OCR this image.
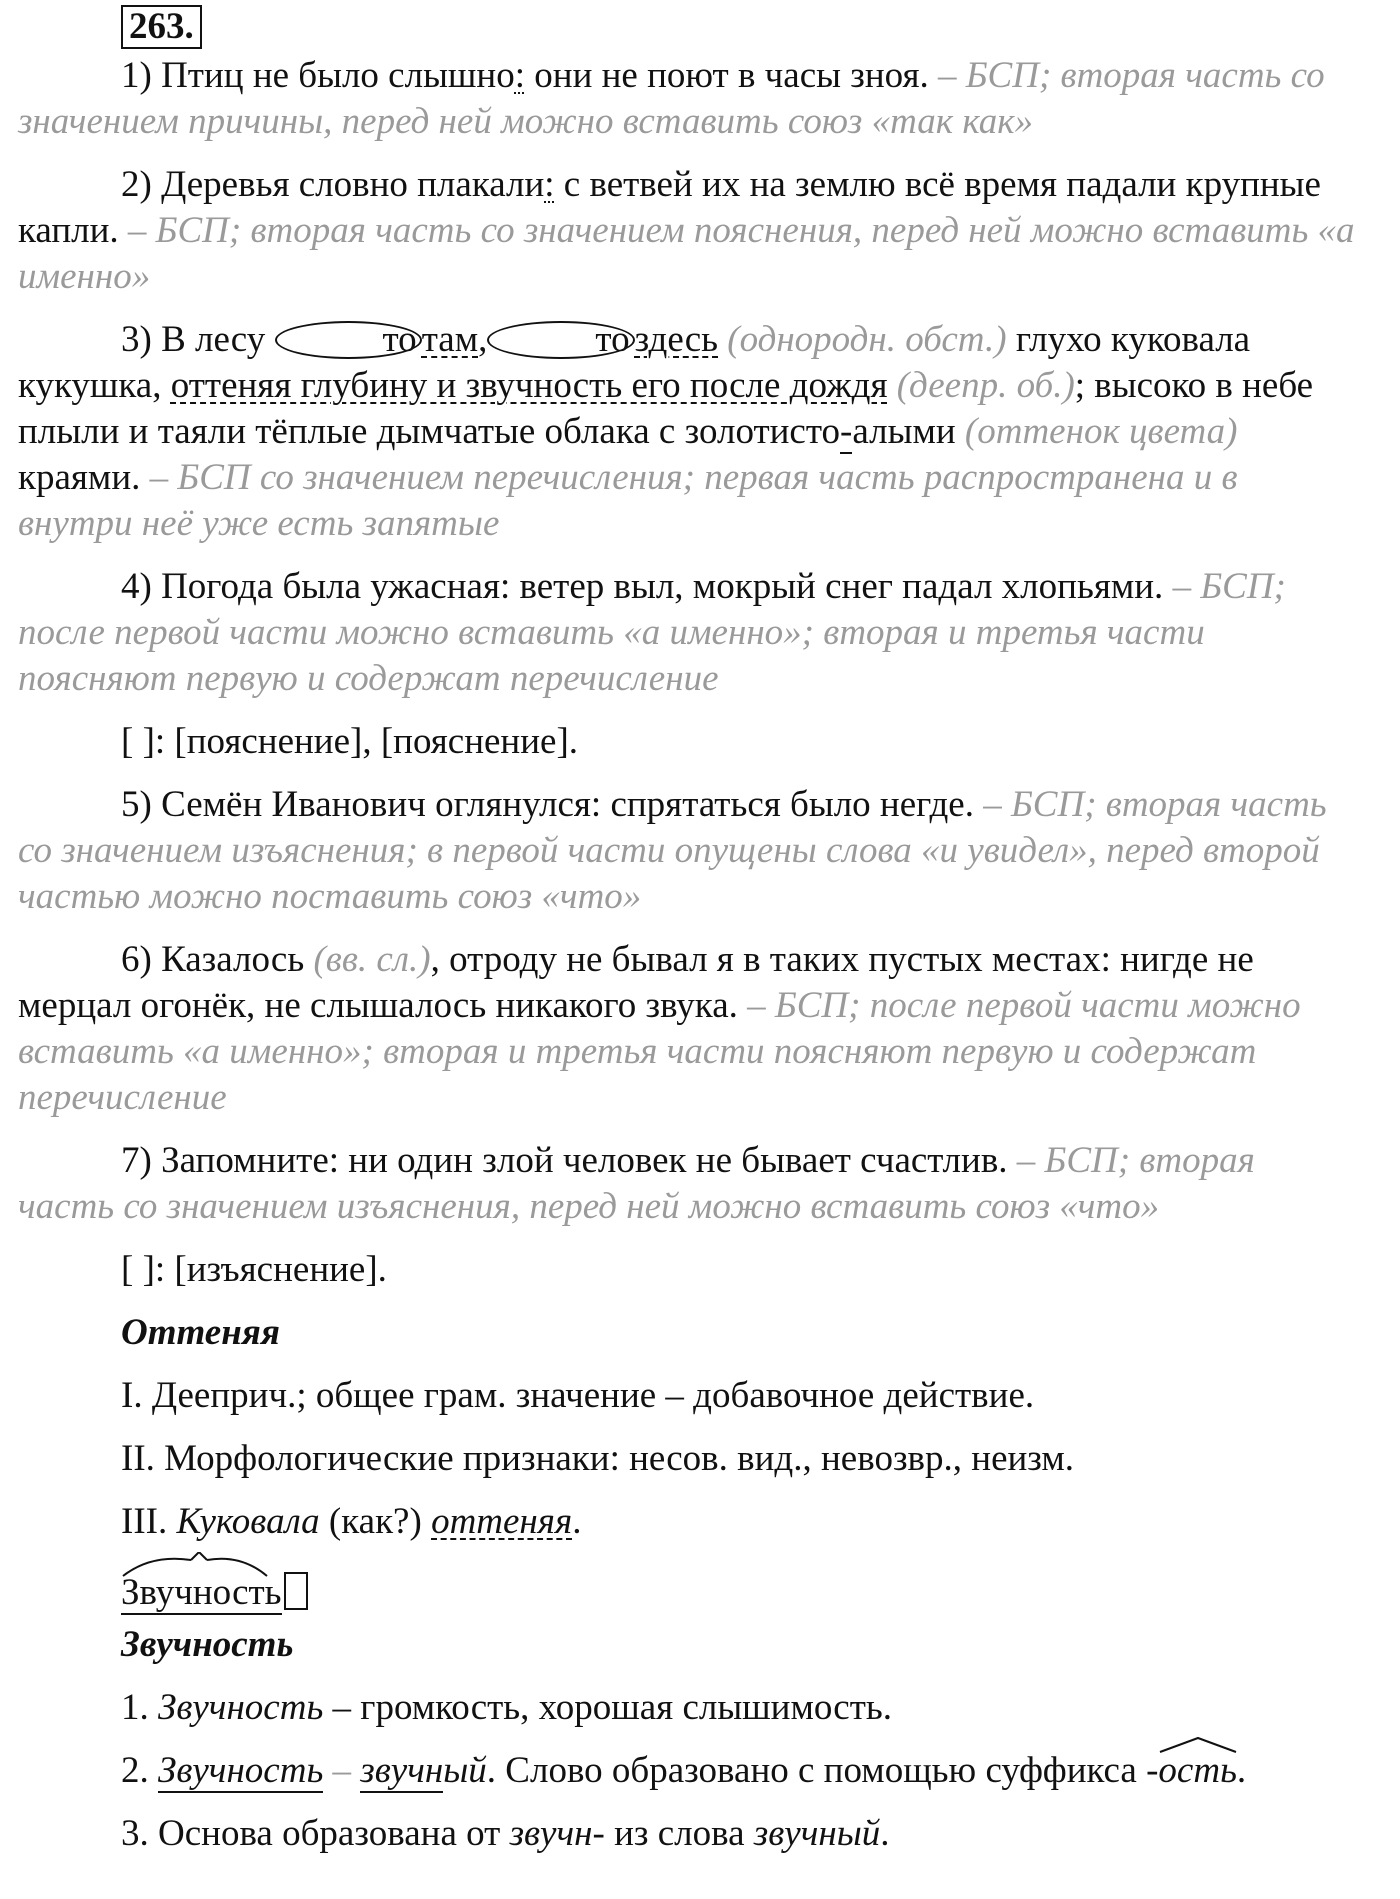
263.

1) Птиц не было слышно: они не поют в часы зноя. – БСП; вторая часть со значением причины, перед ней можно вставить союз «так как»

2) Деревья словно плакали: с ветвей их на землю всё время падали крупные капли. – БСП; вторая часть со значением пояснения, перед ней можно вставить «а именно»

3) В лесу	то там,	то здесь (однородн. обст.) глухо куковала кукушка, оттеняя глубину и звучность его после дождя (деепр. об.); высоко в небе плыли и таяли тёплые дымчатые облака с золотисто-алыми (оттенок цвета) краями. – БСП со значением перечисления; первая часть распространена и в внутри неё уже есть запятые

4) Погода была ужасная: ветер выл, мокрый снег падал хлопьями. – БСП; после первой части можно вставить «а именно»; вторая и третья части поясняют первую и содержат перечисление

[ ]: [пояснение], [пояснение].

5) Семён Иванович оглянулся: спрятаться было негде. – БСП; вторая часть со значением изъяснения; в первой части опущены слова «и увидел», перед второй частью можно поставить союз «что»

6) Казалось (вв. сл.), отроду не бывал я в таких пустых местах: нигде не мерцал огонёк, не слышалось никакого звука. – БСП; после первой части можно вставить «а именно»; вторая и третья части поясняют первую и содержат перечисление

7) Запомните: ни один злой человек не бывает счастлив. – БСП; вторая часть со значением изъяснения, перед ней можно вставить союз «что»

[ ]: [изъяснение].

Оттеняя

I. Дееприч.; общее грам. значение – добавочное действие.

II. Морфологические признаки: несов. вид., невозвр., неизм.

III. Куковала (как?) оттеняя.

Звучность

Звучность

1. Звучность – громкость, хорошая слышимость.

2. Звучность – звучный. Слово образовано с помощью суффикса -
ость.

3. Основа образована от звучн- из слова звучный.
